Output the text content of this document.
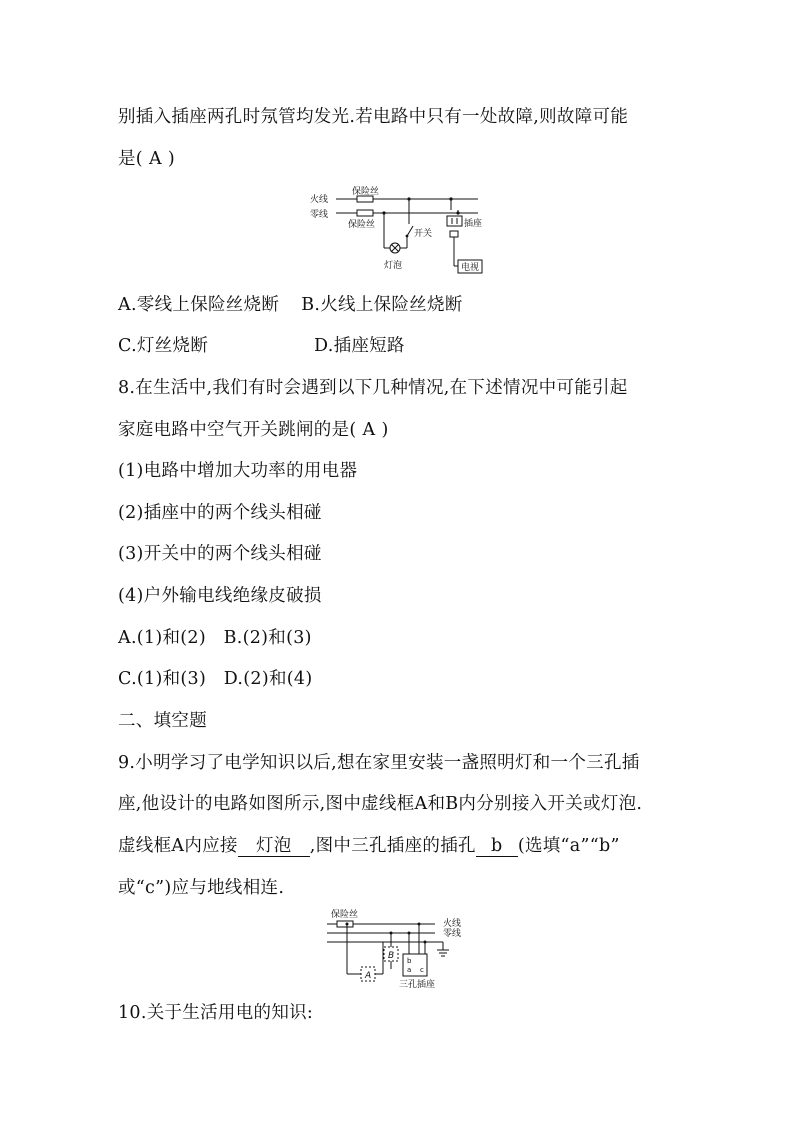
别插入插座两孔时氖管均发光.若电路中只有一处故障,则故障可能
是( A )
火线
零线
保险丝
保险丝
开关
插座
灯泡	电视
A.零线上保险丝烧断 B.火线上保险丝烧断
C.灯丝烧断	D.插座短路
8.在生活中,我们有时会遇到以下几种情况,在下述情况中可能引起
家庭电路中空气开关跳闸的是( A )
(1)电路中增加大功率的用电器
(2)插座中的两个线头相碰
(3)开关中的两个线头相碰
(4)户外输电线绝缘皮破损
A.(1)和(2)   B.(2)和(3)
C.(1)和(3)   D.(2)和(4)
二、填空题
9.小明学习了电学知识以后,想在家里安装一盏照明灯和一个三孔插
座,他设计的电路如图所示,图中虚线框A和B内分别接入开关或灯泡.
虚线框A内应接 灯泡 ,图中三孔插座的插孔 b (选填“a”“b”
或“c”)应与地线相连.
保险丝
火线
零线
A
B b
a c
三孔插座
10.关于生活用电的知识:
